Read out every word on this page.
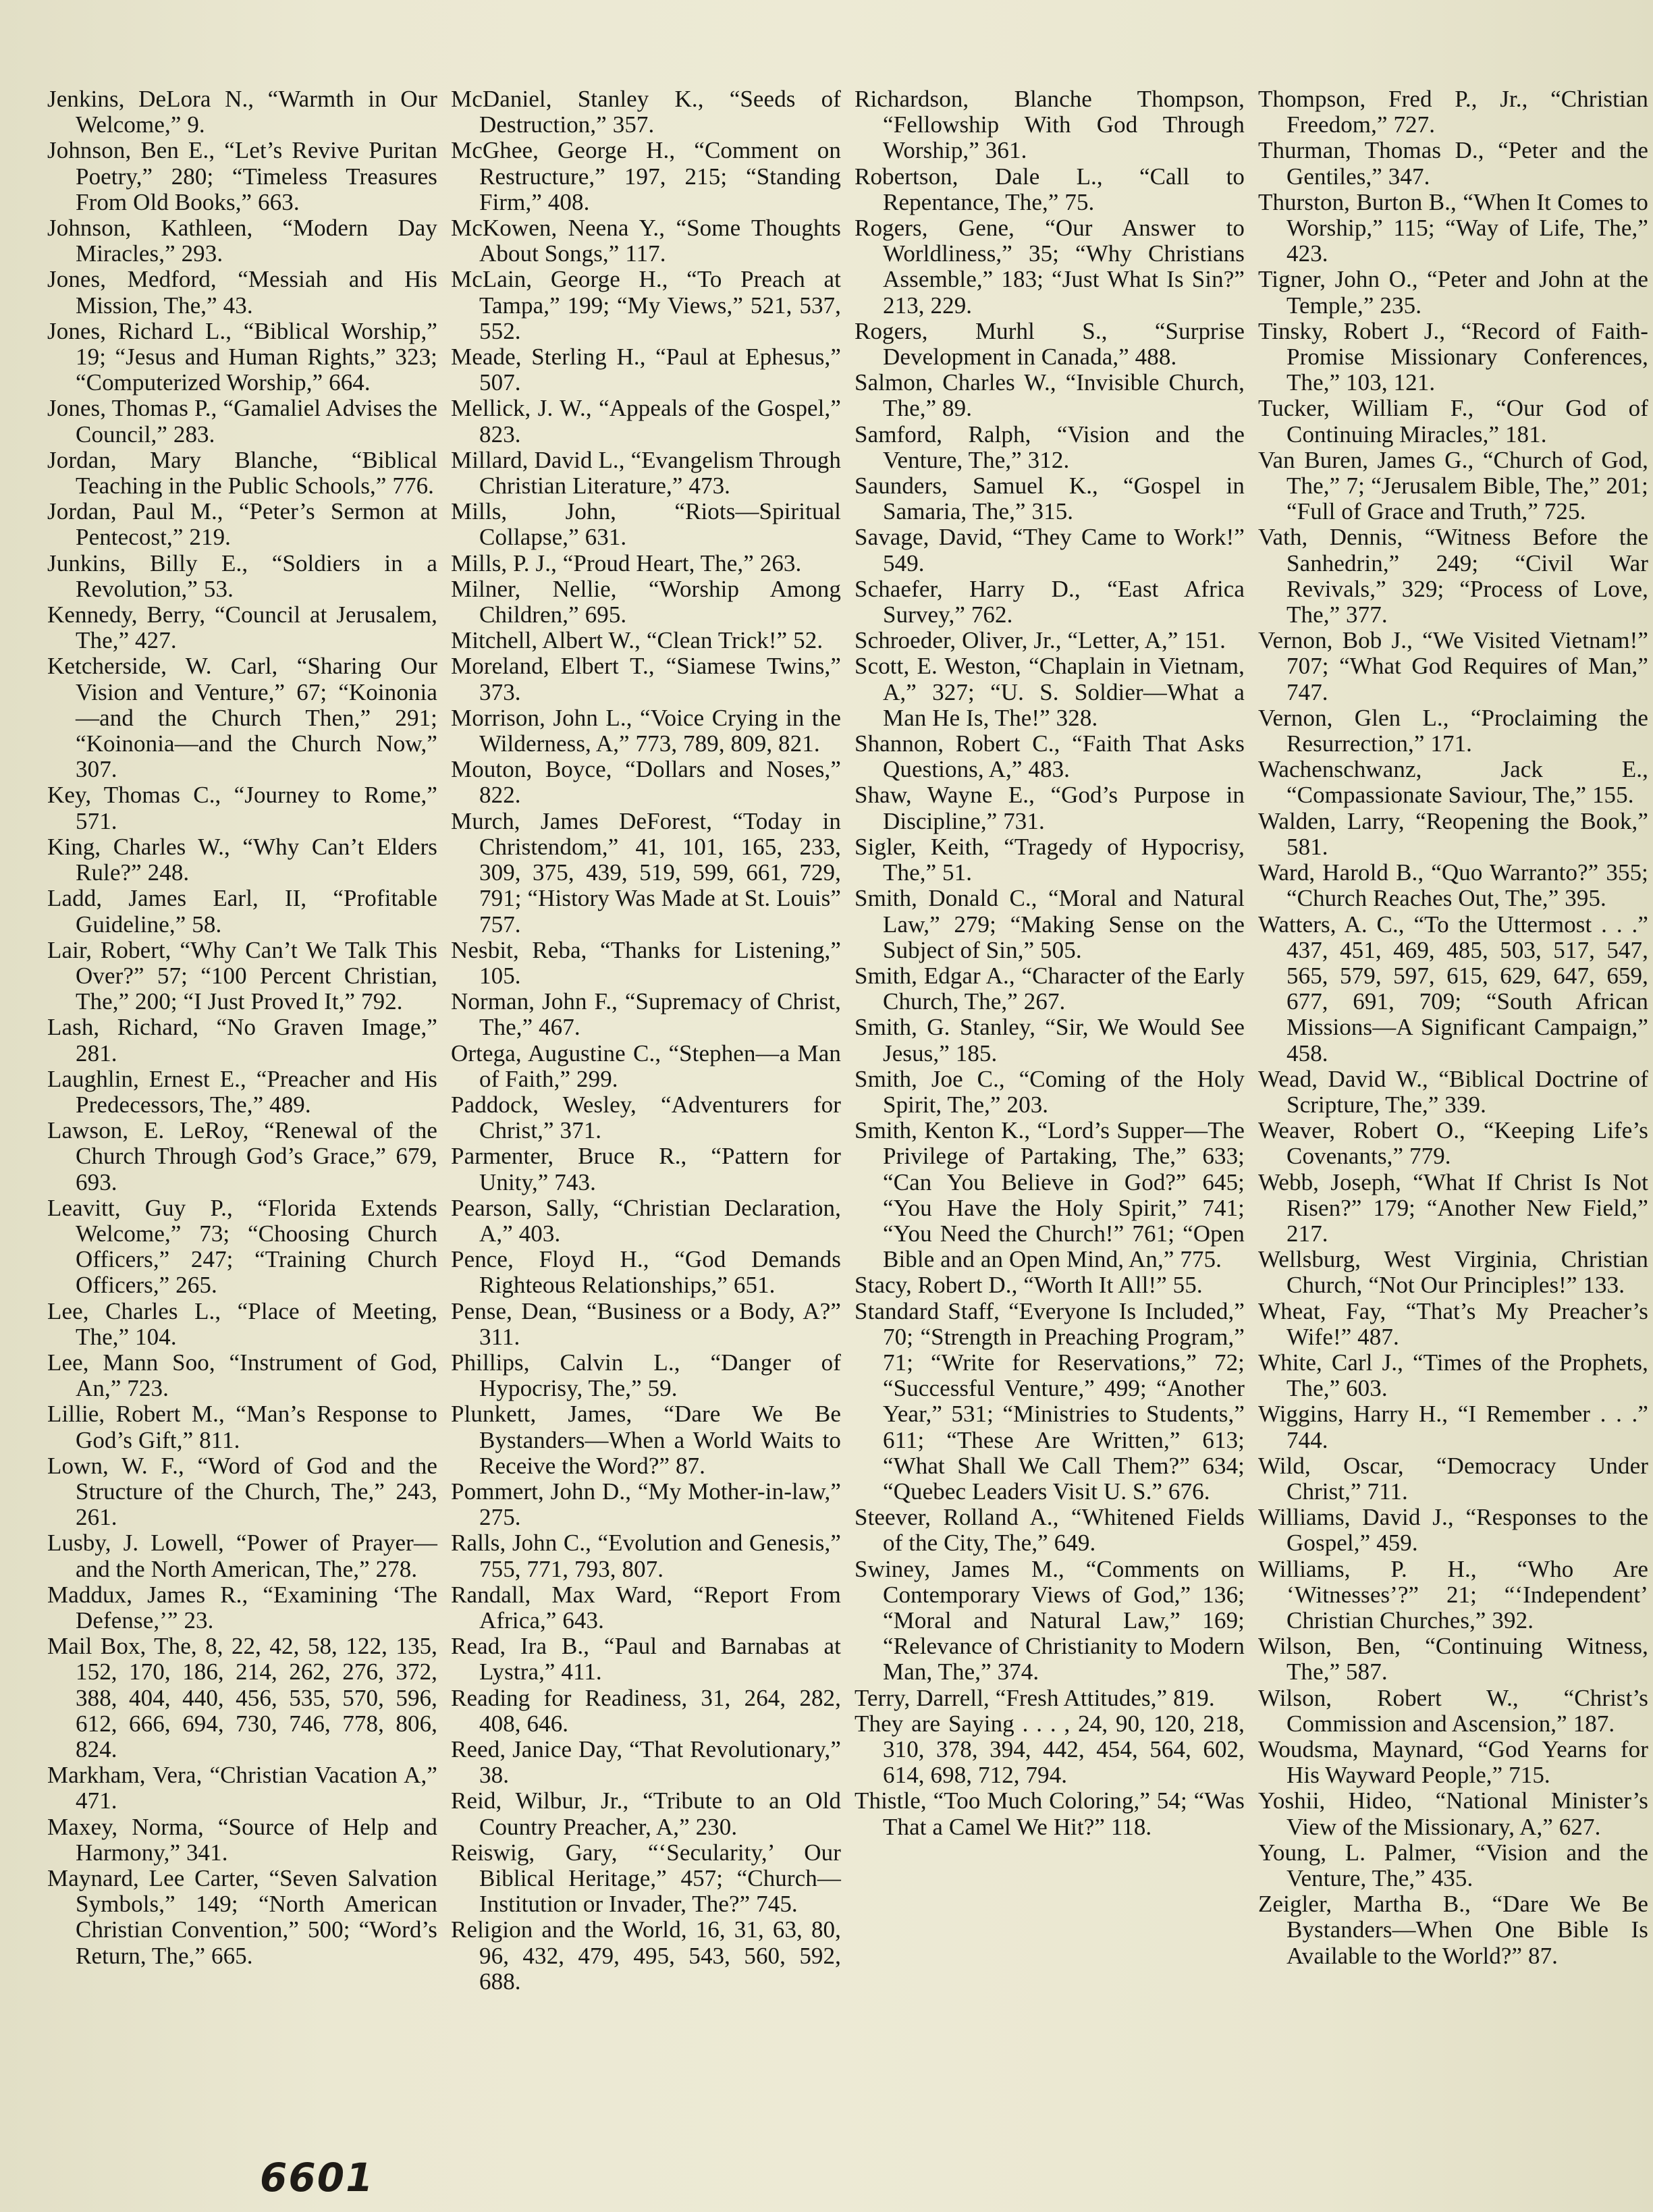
Jenkins, DeLora N., “Warmth in Our Welcome,” 9.

Johnson, Ben E., “Let’s Revive Puritan Poetry,” 280; “Timeless Treasures From Old Books,” 663.

Johnson, Kathleen, “Modern Day Miracles,” 293.

Jones, Medford, “Messiah and His Mission, The,” 43.

Jones, Richard L., “Biblical Worship,” 19; “Jesus and Human Rights,” 323; “Computerized Worship,” 664.

Jones, Thomas P., “Gamaliel Advises the Council,” 283.

Jordan, Mary Blanche, “Biblical Teaching in the Public Schools,” 776.

Jordan, Paul M., “Peter’s Sermon at Pentecost,” 219.

Junkins, Billy E., “Soldiers in a Revolution,” 53.

Kennedy, Berry, “Council at Jerusalem, The,” 427.

Ketcherside, W. Carl, “Sharing Our Vision and Venture,” 67; “Koinonia—and the Church Then,” 291; “Koinonia—and the Church Now,” 307.

Key, Thomas C., “Journey to Rome,” 571.

King, Charles W., “Why Can’t Elders Rule?” 248.

Ladd, James Earl, II, “Profitable Guideline,” 58.

Lair, Robert, “Why Can’t We Talk This Over?” 57; “100 Percent Christian, The,” 200; “I Just Proved It,” 792.

Lash, Richard, “No Graven Image,” 281.

Laughlin, Ernest E., “Preacher and His Predecessors, The,” 489.

Lawson, E. LeRoy, “Renewal of the Church Through God’s Grace,” 679, 693.

Leavitt, Guy P., “Florida Extends Welcome,” 73; “Choosing Church Officers,” 247; “Training Church Officers,” 265.

Lee, Charles L., “Place of Meeting, The,” 104.

Lee, Mann Soo, “Instrument of God, An,” 723.

Lillie, Robert M., “Man’s Response to God’s Gift,” 811.

Lown, W. F., “Word of God and the Structure of the Church, The,” 243, 261.

Lusby, J. Lowell, “Power of Prayer—and the North American, The,” 278.

Maddux, James R., “Examining ‘The Defense,’” 23.

Mail Box, The, 8, 22, 42, 58, 122, 135, 152, 170, 186, 214, 262, 276, 372, 388, 404, 440, 456, 535, 570, 596, 612, 666, 694, 730, 746, 778, 806, 824.

Markham, Vera, “Christian Vacation A,” 471.

Maxey, Norma, “Source of Help and Harmony,” 341.

Maynard, Lee Carter, “Seven Salvation Symbols,” 149; “North American Christian Convention,” 500; “Word’s Return, The,” 665.

McDaniel, Stanley K., “Seeds of Destruction,” 357.

McGhee, George H., “Comment on Restructure,” 197, 215; “Standing Firm,” 408.

McKowen, Neena Y., “Some Thoughts About Songs,” 117.

McLain, George H., “To Preach at Tampa,” 199; “My Views,” 521, 537, 552.

Meade, Sterling H., “Paul at Ephesus,” 507.

Mellick, J. W., “Appeals of the Gospel,” 823.

Millard, David L., “Evangelism Through Christian Literature,” 473.

Mills, John, “Riots—Spiritual Collapse,” 631.

Mills, P. J., “Proud Heart, The,” 263.

Milner, Nellie, “Worship Among Children,” 695.

Mitchell, Albert W., “Clean Trick!” 52.

Moreland, Elbert T., “Siamese Twins,” 373.

Morrison, John L., “Voice Crying in the Wilderness, A,” 773, 789, 809, 821.

Mouton, Boyce, “Dollars and Noses,” 822.

Murch, James DeForest, “Today in Christendom,” 41, 101, 165, 233, 309, 375, 439, 519, 599, 661, 729, 791; “History Was Made at St. Louis” 757.

Nesbit, Reba, “Thanks for Listening,” 105.

Norman, John F., “Supremacy of Christ, The,” 467.

Ortega, Augustine C., “Stephen—a Man of Faith,” 299.

Paddock, Wesley, “Adventurers for Christ,” 371.

Parmenter, Bruce R., “Pattern for Unity,” 743.

Pearson, Sally, “Christian Declaration, A,” 403.

Pence, Floyd H., “God Demands Righteous Relationships,” 651.

Pense, Dean, “Business or a Body, A?” 311.

Phillips, Calvin L., “Danger of Hypocrisy, The,” 59.

Plunkett, James, “Dare We Be Bystanders—When a World Waits to Receive the Word?” 87.

Pommert, John D., “My Mother-in-law,” 275.

Ralls, John C., “Evolution and Genesis,” 755, 771, 793, 807.

Randall, Max Ward, “Report From Africa,” 643.

Read, Ira B., “Paul and Barnabas at Lystra,” 411.

Reading for Readiness, 31, 264, 282, 408, 646.

Reed, Janice Day, “That Revolutionary,” 38.

Reid, Wilbur, Jr., “Tribute to an Old Country Preacher, A,” 230.

Reiswig, Gary, “‘Secularity,’ Our Biblical Heritage,” 457; “Church—Institution or Invader, The?” 745.

Religion and the World, 16, 31, 63, 80, 96, 432, 479, 495, 543, 560, 592, 688.

Richardson, Blanche Thompson, “Fellowship With God Through Worship,” 361.

Robertson, Dale L., “Call to Repentance, The,” 75.

Rogers, Gene, “Our Answer to Worldliness,” 35; “Why Christians Assemble,” 183; “Just What Is Sin?” 213, 229.

Rogers, Murhl S., “Surprise Development in Canada,” 488.

Salmon, Charles W., “Invisible Church, The,” 89.

Samford, Ralph, “Vision and the Venture, The,” 312.

Saunders, Samuel K., “Gospel in Samaria, The,” 315.

Savage, David, “They Came to Work!” 549.

Schaefer, Harry D., “East Africa Survey,” 762.

Schroeder, Oliver, Jr., “Letter, A,” 151.

Scott, E. Weston, “Chaplain in Vietnam, A,” 327; “U. S. Soldier—What a Man He Is, The!” 328.

Shannon, Robert C., “Faith That Asks Questions, A,” 483.

Shaw, Wayne E., “God’s Purpose in Discipline,” 731.

Sigler, Keith, “Tragedy of Hypocrisy, The,” 51.

Smith, Donald C., “Moral and Natural Law,” 279; “Making Sense on the Subject of Sin,” 505.

Smith, Edgar A., “Character of the Early Church, The,” 267.

Smith, G. Stanley, “Sir, We Would See Jesus,” 185.

Smith, Joe C., “Coming of the Holy Spirit, The,” 203.

Smith, Kenton K., “Lord’s Supper—The Privilege of Partaking, The,” 633; “Can You Believe in God?” 645; “You Have the Holy Spirit,” 741; “You Need the Church!” 761; “Open Bible and an Open Mind, An,” 775.

Stacy, Robert D., “Worth It All!” 55.

Standard Staff, “Everyone Is Included,” 70; “Strength in Preaching Program,” 71; “Write for Reservations,” 72; “Successful Venture,” 499; “Another Year,” 531; “Ministries to Students,” 611; “These Are Written,” 613; “What Shall We Call Them?” 634; “Quebec Leaders Visit U. S.” 676.

Steever, Rolland A., “Whitened Fields of the City, The,” 649.

Swiney, James M., “Comments on Contemporary Views of God,” 136; “Moral and Natural Law,” 169; “Relevance of Christianity to Modern Man, The,” 374.

Terry, Darrell, “Fresh Attitudes,” 819.

They are Saying . . . , 24, 90, 120, 218, 310, 378, 394, 442, 454, 564, 602, 614, 698, 712, 794.

Thistle, “Too Much Coloring,” 54; “Was That a Camel We Hit?” 118.

Thompson, Fred P., Jr., “Christian Freedom,” 727.

Thurman, Thomas D., “Peter and the Gentiles,” 347.

Thurston, Burton B., “When It Comes to Worship,” 115; “Way of Life, The,” 423.

Tigner, John O., “Peter and John at the Temple,” 235.

Tinsky, Robert J., “Record of Faith-Promise Missionary Conferences, The,” 103, 121.

Tucker, William F., “Our God of Continuing Miracles,” 181.

Van Buren, James G., “Church of God, The,” 7; “Jerusalem Bible, The,” 201; “Full of Grace and Truth,” 725.

Vath, Dennis, “Witness Before the Sanhedrin,” 249; “Civil War Revivals,” 329; “Process of Love, The,” 377.

Vernon, Bob J., “We Visited Vietnam!” 707; “What God Requires of Man,” 747.

Vernon, Glen L., “Proclaiming the Resurrection,” 171.

Wachenschwanz, Jack E., “Compassionate Saviour, The,” 155.

Walden, Larry, “Reopening the Book,” 581.

Ward, Harold B., “Quo Warranto?” 355; “Church Reaches Out, The,” 395.

Watters, A. C., “To the Uttermost . . .” 437, 451, 469, 485, 503, 517, 547, 565, 579, 597, 615, 629, 647, 659, 677, 691, 709; “South African Missions—A Significant Campaign,” 458.

Wead, David W., “Biblical Doctrine of Scripture, The,” 339.

Weaver, Robert O., “Keeping Life’s Covenants,” 779.

Webb, Joseph, “What If Christ Is Not Risen?” 179; “Another New Field,” 217.

Wellsburg, West Virginia, Christian Church, “Not Our Principles!” 133.

Wheat, Fay, “That’s My Preacher’s Wife!” 487.

White, Carl J., “Times of the Prophets, The,” 603.

Wiggins, Harry H., “I Remember . . .” 744.

Wild, Oscar, “Democracy Under Christ,” 711.

Williams, David J., “Responses to the Gospel,” 459.

Williams, P. H., “Who Are ‘Witnesses’?” 21; “‘Independent’ Christian Churches,” 392.

Wilson, Ben, “Continuing Witness, The,” 587.

Wilson, Robert W., “Christ’s Commission and Ascension,” 187.

Woudsma, Maynard, “God Yearns for His Wayward People,” 715.

Yoshii, Hideo, “National Minister’s View of the Missionary, A,” 627.

Young, L. Palmer, “Vision and the Venture, The,” 435.

Zeigler, Martha B., “Dare We Be Bystanders—When One Bible Is Available to the World?” 87.

6601
